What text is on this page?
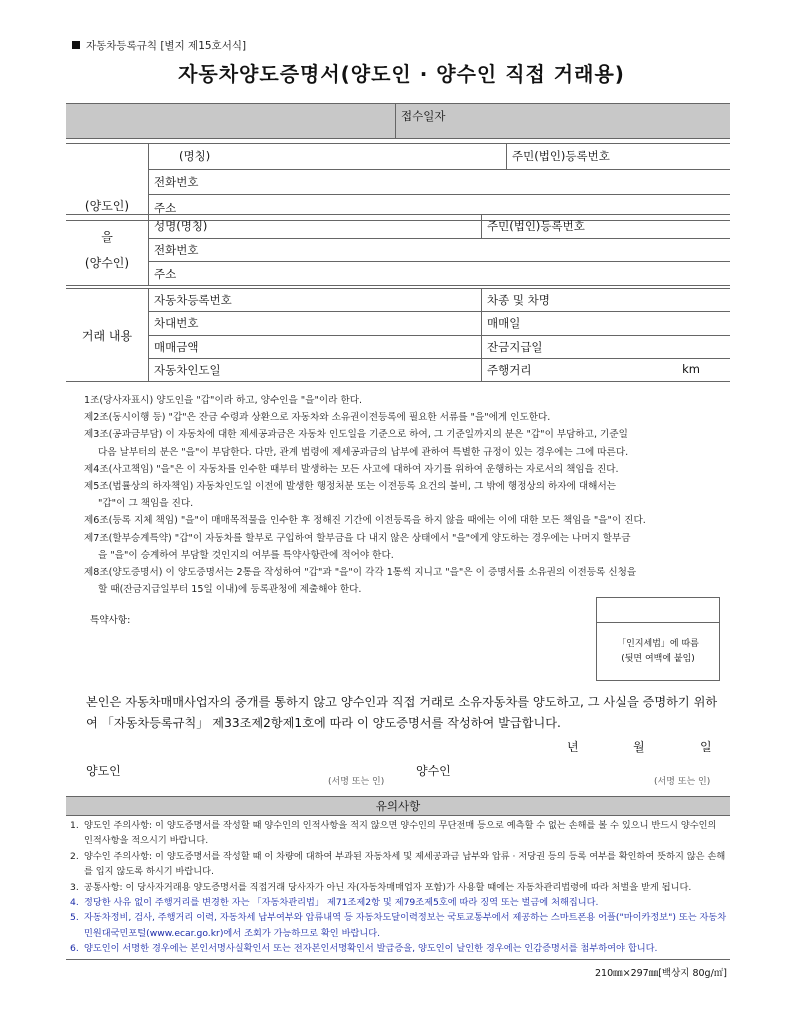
자동차등록규칙 [별지 제15호서식]
자동차양도증명서(양도인 · 양수인 직접 거래용)
	접수일자
(양도인)	(명칭)	주민(법인)등록번호
전화번호
주소
을
(양수인)	성명(명칭)	주민(법인)등록번호
전화번호
주소
거래 내용	자동차등록번호	차종 및 차명
	차대번호	매매일
	매매금액	잔금지급일
	자동차인도일	주행거리 km
1조(당사자표시) 양도인을 "갑"이라 하고, 양수인을 "을"이라 한다.
제2조(동시이행 등) "갑"은 잔금 수령과 상환으로 자동차와 소유권이전등록에 필요한 서류를 "을"에게 인도한다.
제3조(공과금부담) 이 자동차에 대한 제세공과금은 자동차 인도일을 기준으로 하여, 그 기준일까지의 분은 "갑"이 부담하고, 기준일
다음 날부터의 분은 "을"이 부담한다. 다만, 관계 법령에 제세공과금의 납부에 관하여 특별한 규정이 있는 경우에는 그에 따른다.
제4조(사고책임) "을"은 이 자동차를 인수한 때부터 발생하는 모든 사고에 대하여 자기를 위하여 운행하는 자로서의 책임을 진다.
제5조(법률상의 하자책임) 자동차인도일 이전에 발생한 행정처분 또는 이전등록 요건의 불비, 그 밖에 행정상의 하자에 대해서는
"갑"이 그 책임을 진다.
제6조(등록 지체 책임) "을"이 매매목적물을 인수한 후 정해진 기간에 이전등록을 하지 않을 때에는 이에 대한 모든 책임을 "을"이 진다.
제7조(할부승계특약) "갑"이 자동차를 할부로 구입하여 할부금을 다 내지 않은 상태에서 "을"에게 양도하는 경우에는 나머지 할부금
을 "을"이 승계하여 부담할 것인지의 여부를 특약사항란에 적어야 한다.
제8조(양도증명서) 이 양도증명서는 2통을 작성하여 "갑"과 "을"이 각각 1통씩 지니고 "을"은 이 증명서를 소유권의 이전등록 신청을
할 때(잔금지급일부터 15일 이내)에 등록관청에 제출해야 한다.
특약사항:
「인지세법」에 따름
(뒷면 여백에 붙임)
본인은 자동차매매사업자의 중개를 통하지 않고 양수인과 직접 거래로 소유자동차를 양도하고, 그 사실을 증명하기 위하여 「자동차등록규칙」 제33조제2항제1호에 따라 이 양도증명서를 작성하여 발급합니다.
년	월	일
양도인
(서명 또는 인)
양수인
(서명 또는 인)
유의사항
1. 양도인 주의사항: 이 양도증명서를 작성할 때 양수인의 인적사항을 적지 않으면 양수인의 무단전매 등으로 예측할 수 없는 손해를 볼 수 있으니 반드시 양수인의 인적사항을 적으시기 바랍니다.
2. 양수인 주의사항: 이 양도증명서를 작성할 때 이 차량에 대하여 부과된 자동차세 및 제세공과금 납부와 압류 · 저당권 등의 등록 여부를 확인하여 뜻하지 않은 손해를 입지 않도록 하시기 바랍니다.
3. 공통사항: 이 당사자거래용 양도증명서를 직접거래 당사자가 아닌 자(자동차매매업자 포함)가 사용할 때에는 자동차관리법령에 따라 처벌을 받게 됩니다.
4. 정당한 사유 없이 주행거리를 변경한 자는 「자동차관리법」 제71조제2항 및 제79조제5호에 따라 징역 또는 벌금에 처해집니다.
5. 자동차정비, 검사, 주행거리 이력, 자동차세 납부여부와 압류내역 등 자동차도달이력정보는 국토교통부에서 제공하는 스마트폰용 어플("마이카정보") 또는 자동차민원대국민포털(www.ecar.go.kr)에서 조회가 가능하므로 확인 바랍니다.
6. 양도인이 서명한 경우에는 본인서명사실확인서 또는 전자본인서명확인서 발급증을, 양도인이 날인한 경우에는 인감증명서를 첨부하여야 합니다.
210㎜×297㎜[백상지 80g/㎡]
